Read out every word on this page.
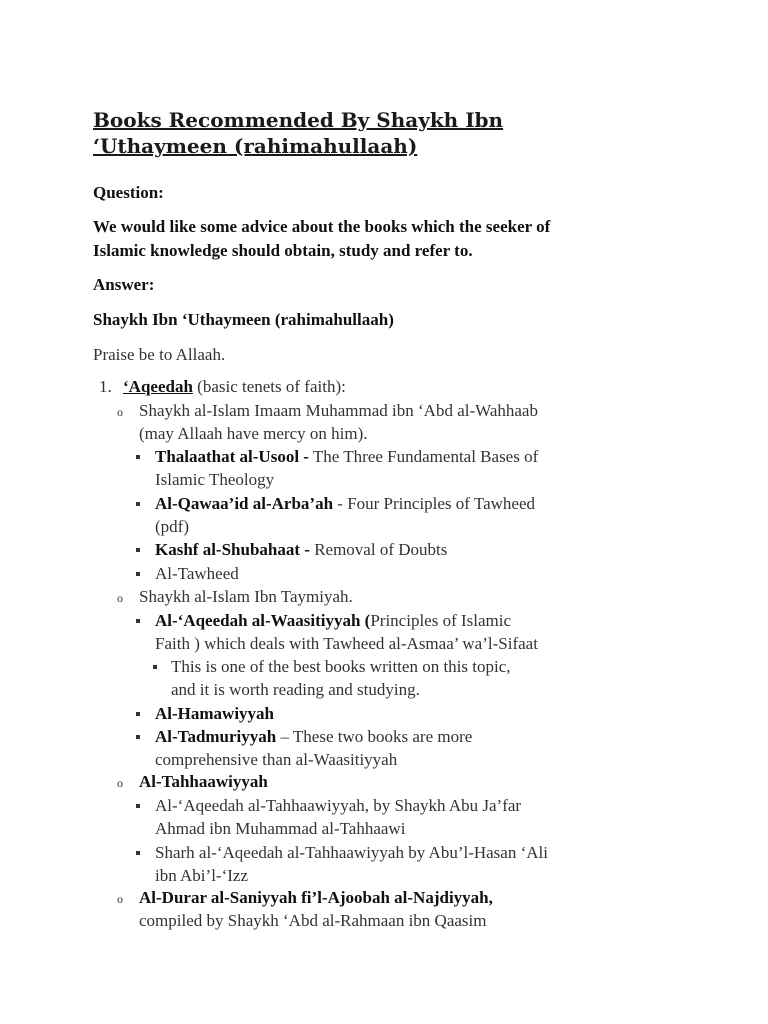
Books Recommended By Shaykh Ibn
‘Uthaymeen (rahimahullaah)
Question:
We would like some advice about the books which the seeker of
Islamic knowledge should obtain, study and refer to.
Answer:
Shaykh Ibn ‘Uthaymeen (rahimahullaah)
Praise be to Allaah.
1. ‘Aqeedah (basic tenets of faith):
o Shaykh al-Islam Imaam Muhammad ibn ‘Abd al-Wahhaab
(may Allaah have mercy on him).
Thalaathat al-Usool - The Three Fundamental Bases of
Islamic Theology
Al-Qawaa’id al-Arba’ah - Four Principles of Tawheed
(pdf)
Kashf al-Shubahaat - Removal of Doubts
Al-Tawheed
o Shaykh al-Islam Ibn Taymiyah.
Al-‘Aqeedah al-Waasitiyyah (Principles of Islamic
Faith ) which deals with Tawheed al-Asmaa’ wa’l-Sifaat
This is one of the best books written on this topic,
and it is worth reading and studying.
Al-Hamawiyyah
Al-Tadmuriyyah – These two books are more
comprehensive than al-Waasitiyyah
o Al-Tahhaawiyyah
Al-‘Aqeedah al-Tahhaawiyyah, by Shaykh Abu Ja’far
Ahmad ibn Muhammad al-Tahhaawi
Sharh al-‘Aqeedah al-Tahhaawiyyah by Abu’l-Hasan ‘Ali
ibn Abi’l-‘Izz
o Al-Durar al-Saniyyah fi’l-Ajoobah al-Najdiyyah,
compiled by Shaykh ‘Abd al-Rahmaan ibn Qaasim
